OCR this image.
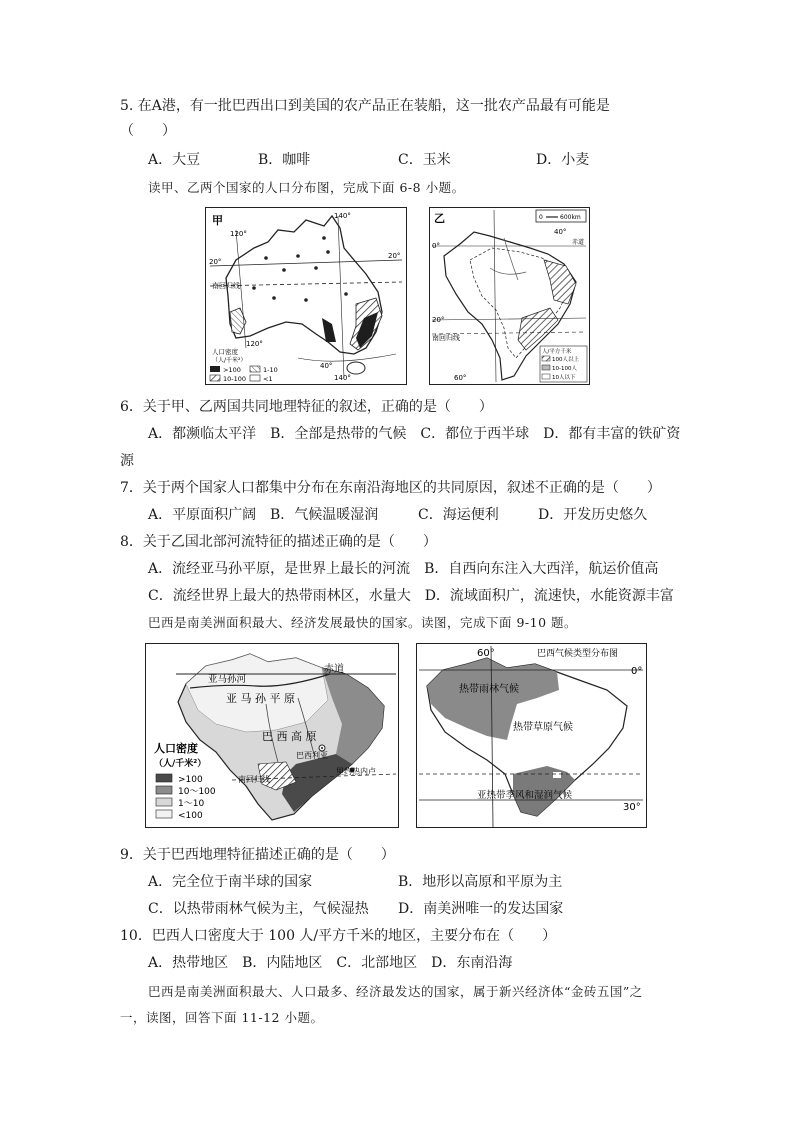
5. 在A港，有一批巴西出口到美国的农产品正在装船，这一批农产品最有可能是
（　　）
A．大豆	B．咖啡	C．玉米	D．小麦
读甲、乙两个国家的人口分布图，完成下面 6-8 小题。
甲
120°
140°
20°
20°
南回归线
40°
120°
140°
人口密度
（人/千米²）
>100	1-10
10-100	<1
乙	0	600km
40°
赤道
0°
20°
南回归线
60°
人/平方千米
100人以上
10-100人
10人以下
6．关于甲、乙两国共同地理特征的叙述，正确的是（　　）
A．都濒临太平洋　B．全部是热带的气候　C．都位于西半球　D．都有丰富的铁矿资
源
7．关于两个国家人口都集中分布在东南沿海地区的共同原因，叙述不正确的是（　　）
A．平原面积广阔 B．气候温暖湿润	C．海运便利	D．开发历史悠久
8．关于乙国北部河流特征的描述正确的是（　　）
A．流经亚马孙平原，是世界上最长的河流　B．自西向东注入大西洋，航运价值高
C．流经世界上最大的热带雨林区，水量大　D．流域面积广，流速快，水能资源丰富
巴西是南美洲面积最大、经济发展最快的国家。读图，完成下面 9-10 题。
赤道
亚马孙河
亚 马 孙 平 原
巴 西 高 原
巴西利亚
南回归线
里约热内卢
人口密度
（人/千米²）
>100
10～100
1～10
<100
巴西气候类型分布图
60°
0°
30°
热带雨林气候
热带草原气候
亚热带季风和湿润气候
9．关于巴西地理特征描述正确的是（　　）
A．完全位于南半球的国家	B．地形以高原和平原为主
C．以热带雨林气候为主，气候湿热 D．南美洲唯一的发达国家
10．巴西人口密度大于 100 人/平方千米的地区，主要分布在（　　）
A．热带地区　B．内陆地区　C．北部地区　D．东南沿海
巴西是南美洲面积最大、人口最多、经济最发达的国家，属于新兴经济体“金砖五国”之
一，读图，回答下面 11-12 小题。
